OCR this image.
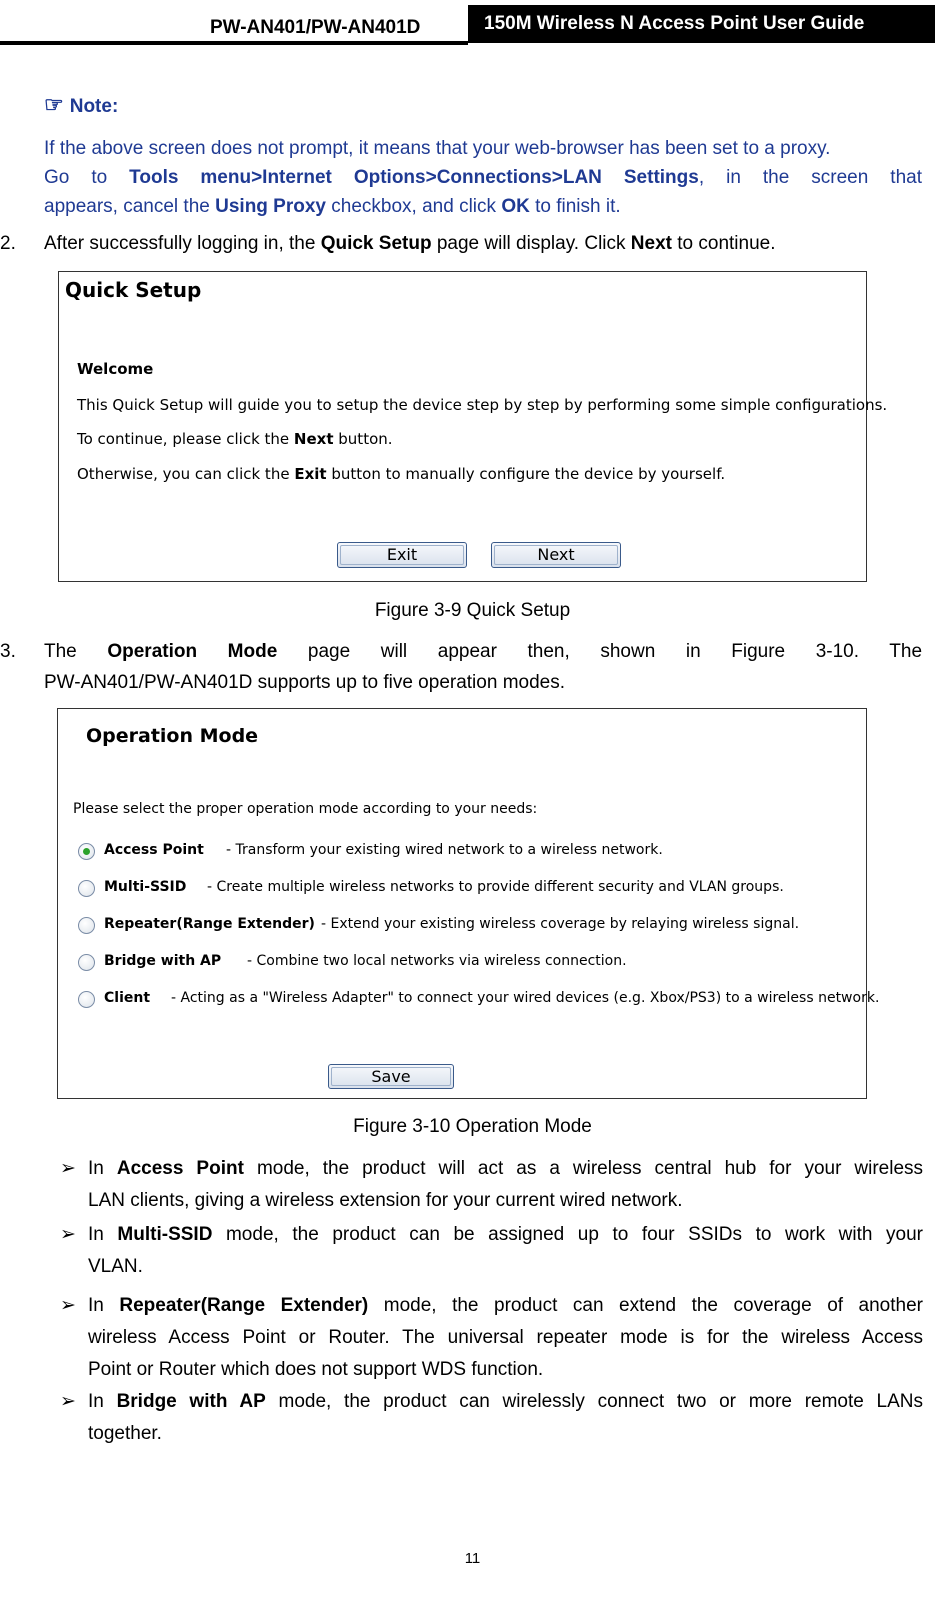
PW-AN401/PW-AN401D	150M Wireless N Access Point User Guide
☞ Note:
If the above screen does not prompt, it means that your web-browser has been set to a proxy.
Go to Tools menu>Internet Options>Connections>LAN Settings, in the screen that
appears, cancel the Using Proxy checkbox, and click OK to finish it.
2.	After successfully logging in, the Quick Setup page will display. Click Next to continue.
Quick Setup
Welcome
This Quick Setup will guide you to setup the device step by step by performing some simple configurations.
To continue, please click the Next button.
Otherwise, you can click the Exit button to manually configure the device by yourself.
Exit	Next
Figure 3-9 Quick Setup
3.	The Operation Mode page will appear then, shown in Figure 3-10. The
PW-AN401/PW-AN401D supports up to five operation modes.
Operation Mode
Please select the proper operation mode according to your needs:
Access Point - Transform your existing wired network to a wireless network.
Multi-SSID - Create multiple wireless networks to provide different security and VLAN groups.
Repeater(Range Extender) - Extend your existing wireless coverage by relaying wireless signal.
Bridge with AP - Combine two local networks via wireless connection.
Client - Acting as a "Wireless Adapter" to connect your wired devices (e.g. Xbox/PS3) to a wireless network.
Save
Figure 3-10 Operation Mode
➢ In Access Point mode, the product will act as a wireless central hub for your wireless
LAN clients, giving a wireless extension for your current wired network.
➢ In Multi-SSID mode, the product can be assigned up to four SSIDs to work with your
VLAN.
➢ In Repeater(Range Extender) mode, the product can extend the coverage of another
wireless Access Point or Router. The universal repeater mode is for the wireless Access
Point or Router which does not support WDS function.
➢ In Bridge with AP mode, the product can wirelessly connect two or more remote LANs
together.
11
